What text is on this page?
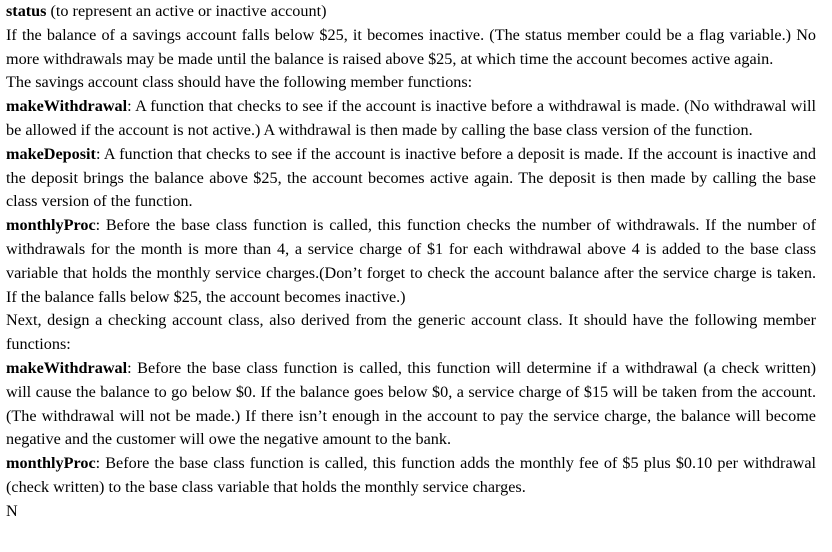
status (to represent an active or inactive account)

If the balance of a savings account falls below $25, it becomes inactive. (The status member could be a flag variable.) No more withdrawals may be made until the balance is raised above $25, at which time the account becomes active again.

The savings account class should have the following member functions:

makeWithdrawal: A function that checks to see if the account is inactive before a withdrawal is made. (No withdrawal will be allowed if the account is not active.) A withdrawal is then made by calling the base class version of the function.

makeDeposit: A function that checks to see if the account is inactive before a deposit is made. If the account is inactive and the deposit brings the balance above $25, the account becomes active again. The deposit is then made by calling the base class version of the function.

monthlyProc: Before the base class function is called, this function checks the number of withdrawals. If the number of withdrawals for the month is more than 4, a service charge of $1 for each withdrawal above 4 is added to the base class variable that holds the monthly service charges.(Don’t forget to check the account balance after the service charge is taken. If the balance falls below $25, the account becomes inactive.)

Next, design a checking account class, also derived from the generic account class. It should have the following member functions:

makeWithdrawal: Before the base class function is called, this function will determine if a withdrawal (a check written) will cause the balance to go below $0. If the balance goes below $0, a service charge of $15 will be taken from the account. (The withdrawal will not be made.) If there isn’t enough in the account to pay the service charge, the balance will become negative and the customer will owe the negative amount to the bank.

monthlyProc: Before the base class function is called, this function adds the monthly fee of $5 plus $0.10 per withdrawal (check written) to the base class variable that holds the monthly service charges.

N
